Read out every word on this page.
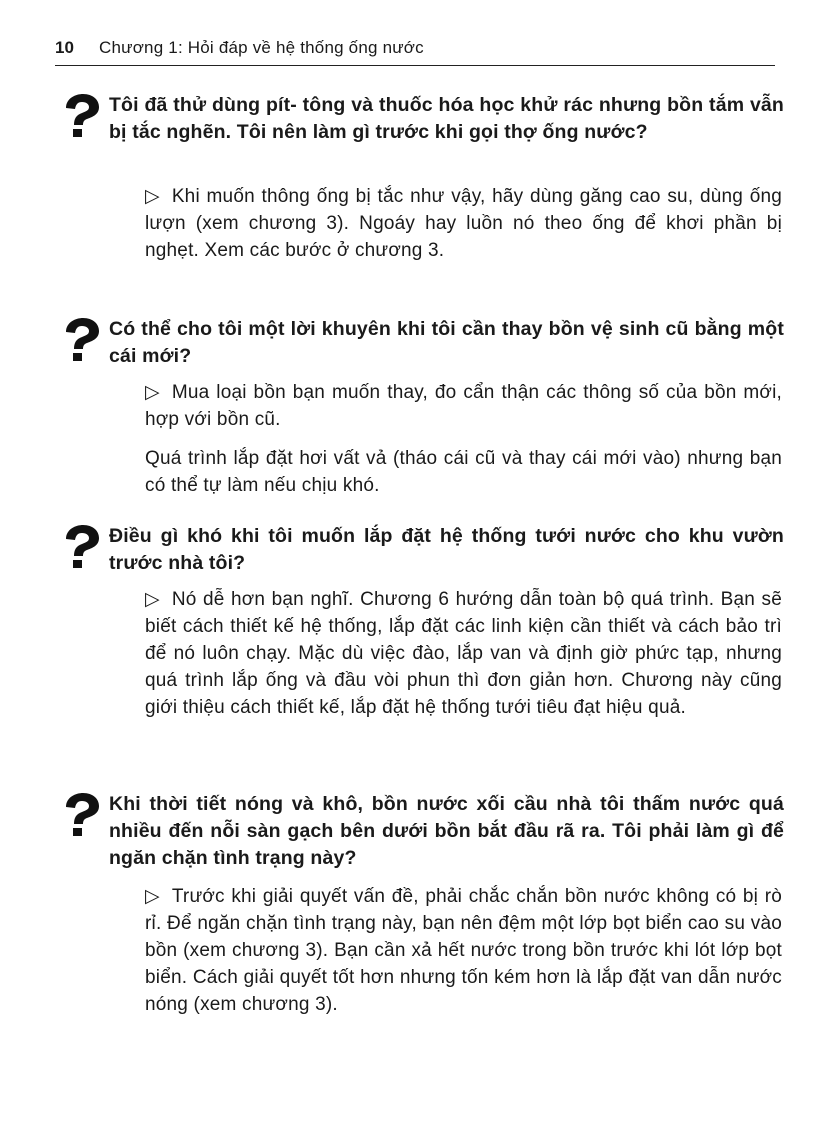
10	Chương 1: Hỏi đáp về hệ thống ống nước

Tôi đã thử dùng pít- tông và thuốc hóa học khử rác nhưng bồn tắm vẫn bị tắc nghẽn. Tôi nên làm gì trước khi gọi thợ ống nước?

▷ Khi muốn thông ống bị tắc như vậy, hãy dùng găng cao su, dùng ống lượn (xem chương 3). Ngoáy hay luồn nó theo ống để khơi phần bị nghẹt. Xem các bước ở chương 3.

Có thể cho tôi một lời khuyên khi tôi cần thay bồn vệ sinh cũ bằng một cái mới?

▷ Mua loại bồn bạn muốn thay, đo cẩn thận các thông số của bồn mới, hợp với bồn cũ.

Quá trình lắp đặt hơi vất vả (tháo cái cũ và thay cái mới vào) nhưng bạn có thể tự làm nếu chịu khó.

Điều gì khó khi tôi muốn lắp đặt hệ thống tưới nước cho khu vườn trước nhà tôi?

▷ Nó dễ hơn bạn nghĩ. Chương 6 hướng dẫn toàn bộ quá trình. Bạn sẽ biết cách thiết kế hệ thống, lắp đặt các linh kiện cần thiết và cách bảo trì để nó luôn chạy. Mặc dù việc đào, lắp van và định giờ phức tạp, nhưng quá trình lắp ống và đầu vòi phun thì đơn giản hơn. Chương này cũng giới thiệu cách thiết kế, lắp đặt hệ thống tưới tiêu đạt hiệu quả.

Khi thời tiết nóng và khô, bồn nước xối cầu nhà tôi thấm nước quá nhiều đến nỗi sàn gạch bên dưới bồn bắt đầu rã ra. Tôi phải làm gì để ngăn chặn tình trạng này?

▷ Trước khi giải quyết vấn đề, phải chắc chắn bồn nước không có bị rò rỉ. Để ngăn chặn tình trạng này, bạn nên đệm một lớp bọt biển cao su vào bồn (xem chương 3). Bạn cần xả hết nước trong bồn trước khi lót lớp bọt biển. Cách giải quyết tốt hơn nhưng tốn kém hơn là lắp đặt van dẫn nước nóng (xem chương 3).
